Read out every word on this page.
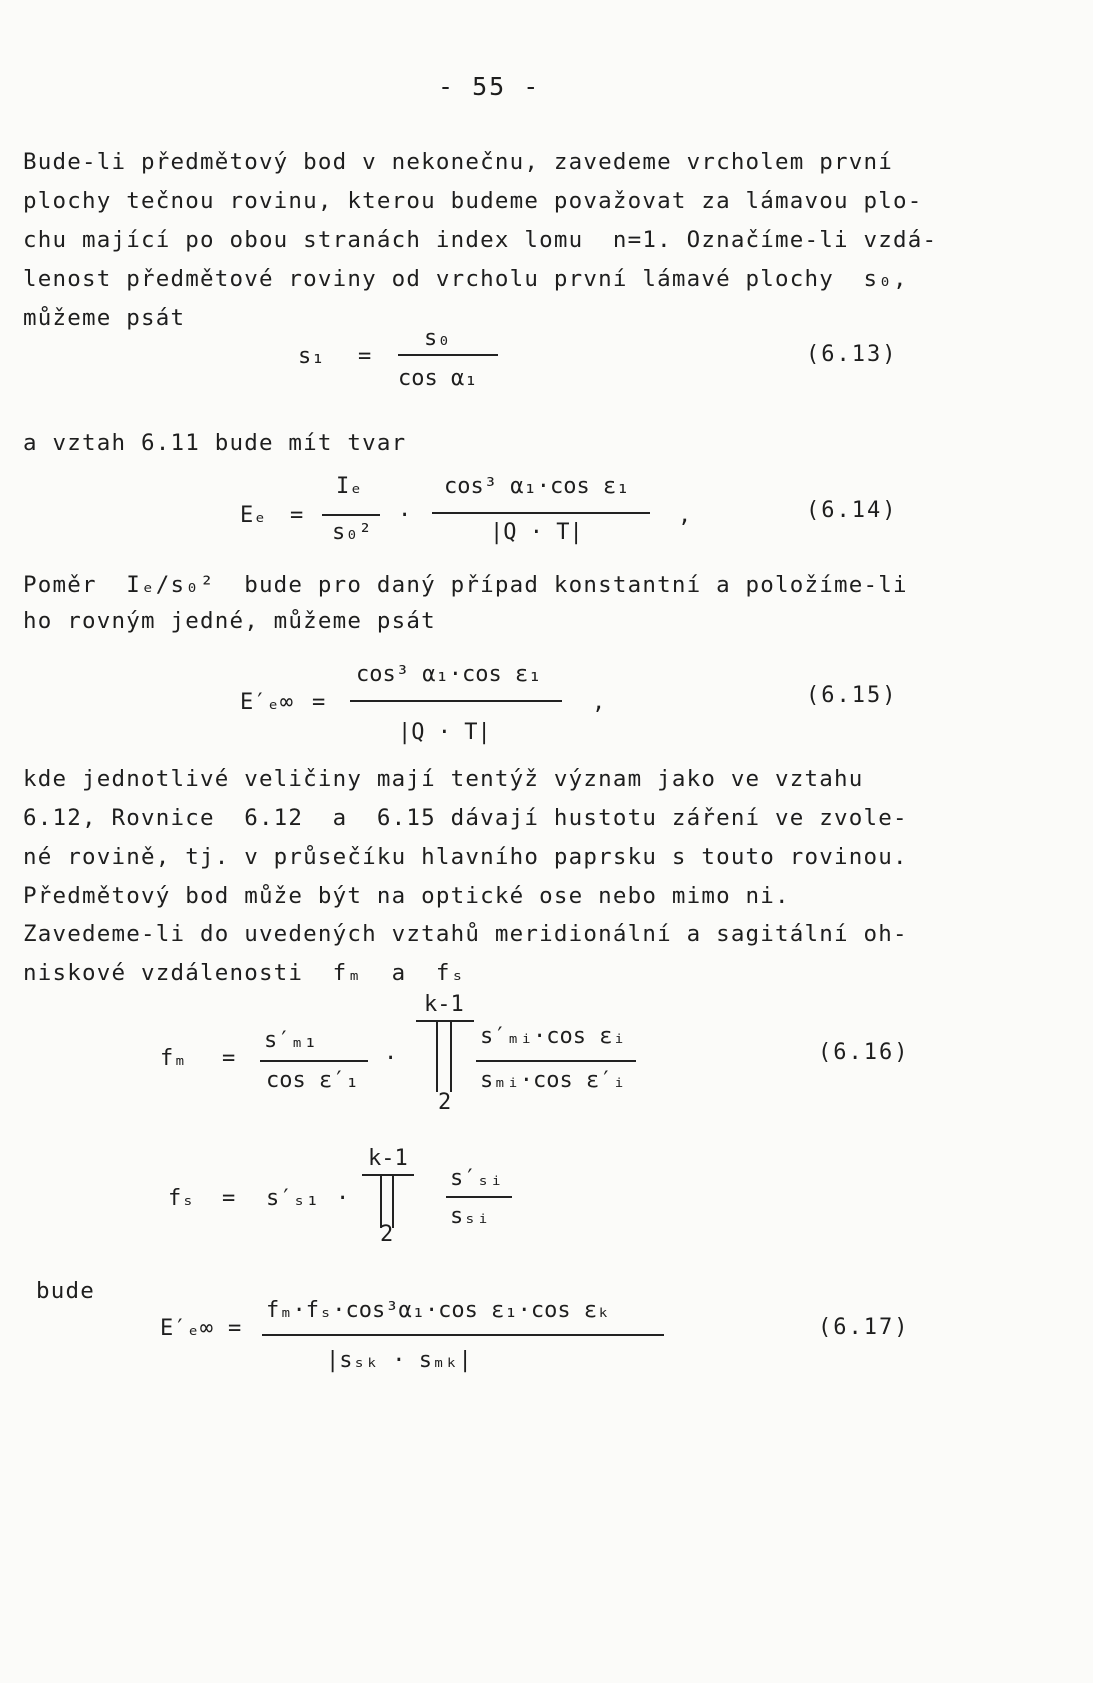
- 55 -
Bude-li předmětový bod v nekonečnu, zavedeme vrcholem první
plochy tečnou rovinu, kterou budeme považovat za lámavou plo-
chu mající po obou stranách index lomu  n=1. Označíme-li vzdá-
lenost předmětové roviny od vrcholu první lámavé plochy  s₀,
můžeme psát
s₁ =
s₀
cos α₁
(6.13)
a vztah 6.11 bude mít tvar
Eₑ =
Iₑ
s₀²
·
cos³ α₁·cos ε₁
|Q · T|
,	(6.14)
Poměr  Iₑ/s₀²  bude pro daný případ konstantní a položíme-li
ho rovným jedné, můžeme psát
E′ₑ∞ =
cos³ α₁·cos ε₁
|Q · T|
,	(6.15)
kde jednotlivé veličiny mají tentýž význam jako ve vztahu
6.12, Rovnice  6.12  a  6.15 dávají hustotu záření ve zvole-
né rovině, tj. v průsečíku hlavního paprsku s touto rovinou.
Předmětový bod může být na optické ose nebo mimo ni.
Zavedeme-li do uvedených vztahů meridionální a sagitální oh-
niskové vzdálenosti  fₘ  a  fₛ
fₘ =
s′ₘ₁
cos ε′₁
·
k-1
2
s′ₘᵢ·cos εᵢ
sₘᵢ·cos ε′ᵢ
(6.16)
fₛ = s′ₛ₁ ·
k-1
2
s′ₛᵢ
sₛᵢ
bude
E′ₑ∞ =
fₘ·fₛ·cos³α₁·cos ε₁·cos εₖ
|sₛₖ · sₘₖ|
(6.17)
